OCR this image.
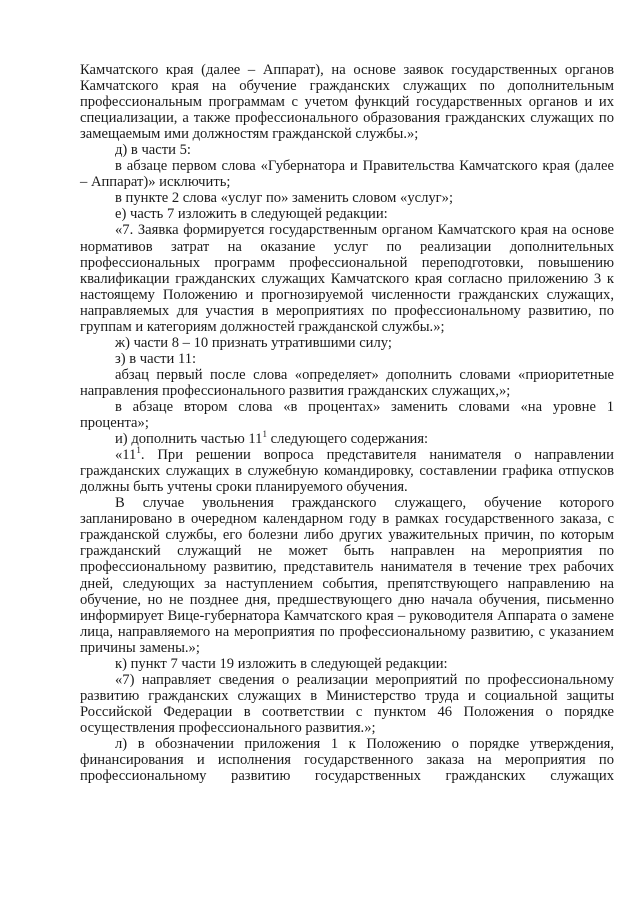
Камчатского края (далее – Аппарат), на основе заявок государственных органов Камчатского края на обучение гражданских служащих по дополнительным профессиональным программам с учетом функций государственных органов и их специализации, а также профессионального образования гражданских служащих по замещаемым ими должностям гражданской службы.»;

д) в части 5:

в абзаце первом слова «Губернатора и Правительства Камчатского края (далее – Аппарат)» исключить;

в пункте 2 слова «услуг по» заменить словом «услуг»;

е) часть 7 изложить в следующей редакции:

«7. Заявка формируется государственным органом Камчатского края на основе нормативов затрат на оказание услуг по реализации дополнительных профессиональных программ профессиональной переподготовки, повышению квалификации гражданских служащих Камчатского края согласно приложению 3 к настоящему Положению и прогнозируемой численности гражданских служащих, направляемых для участия в мероприятиях по профессиональному развитию, по группам и категориям должностей гражданской службы.»;

ж) части 8 – 10 признать утратившими силу;

з) в части 11:

абзац первый после слова «определяет» дополнить словами «приоритетные направления профессионального развития гражданских служащих,»;

в абзаце втором слова «в процентах» заменить словами «на уровне 1 процента»;

и) дополнить частью $11^1$ следующего содержания:

«$11^1$. При решении вопроса представителя нанимателя о направлении гражданских служащих в служебную командировку, составлении графика отпусков должны быть учтены сроки планируемого обучения.

В случае увольнения гражданского служащего, обучение которого запланировано в очередном календарном году в рамках государственного заказа, с гражданской службы, его болезни либо других уважительных причин, по которым гражданский служащий не может быть направлен на мероприятия по профессиональному развитию, представитель нанимателя в течение трех рабочих дней, следующих за наступлением события, препятствующего направлению на обучение, но не позднее дня, предшествующего дню начала обучения, письменно информирует Вице-губернатора Камчатского края – руководителя Аппарата о замене лица, направляемого на мероприятия по профессиональному развитию, с указанием причины замены.»;

к) пункт 7 части 19 изложить в следующей редакции:

«7) направляет сведения о реализации мероприятий по профессиональному развитию гражданских служащих в Министерство труда и социальной защиты Российской Федерации в соответствии с пунктом 46 Положения о порядке осуществления профессионального развития.»;

л) в обозначении приложения 1 к Положению о порядке утверждения, финансирования и исполнения государственного заказа на мероприятия по профессиональному развитию государственных гражданских служащих
